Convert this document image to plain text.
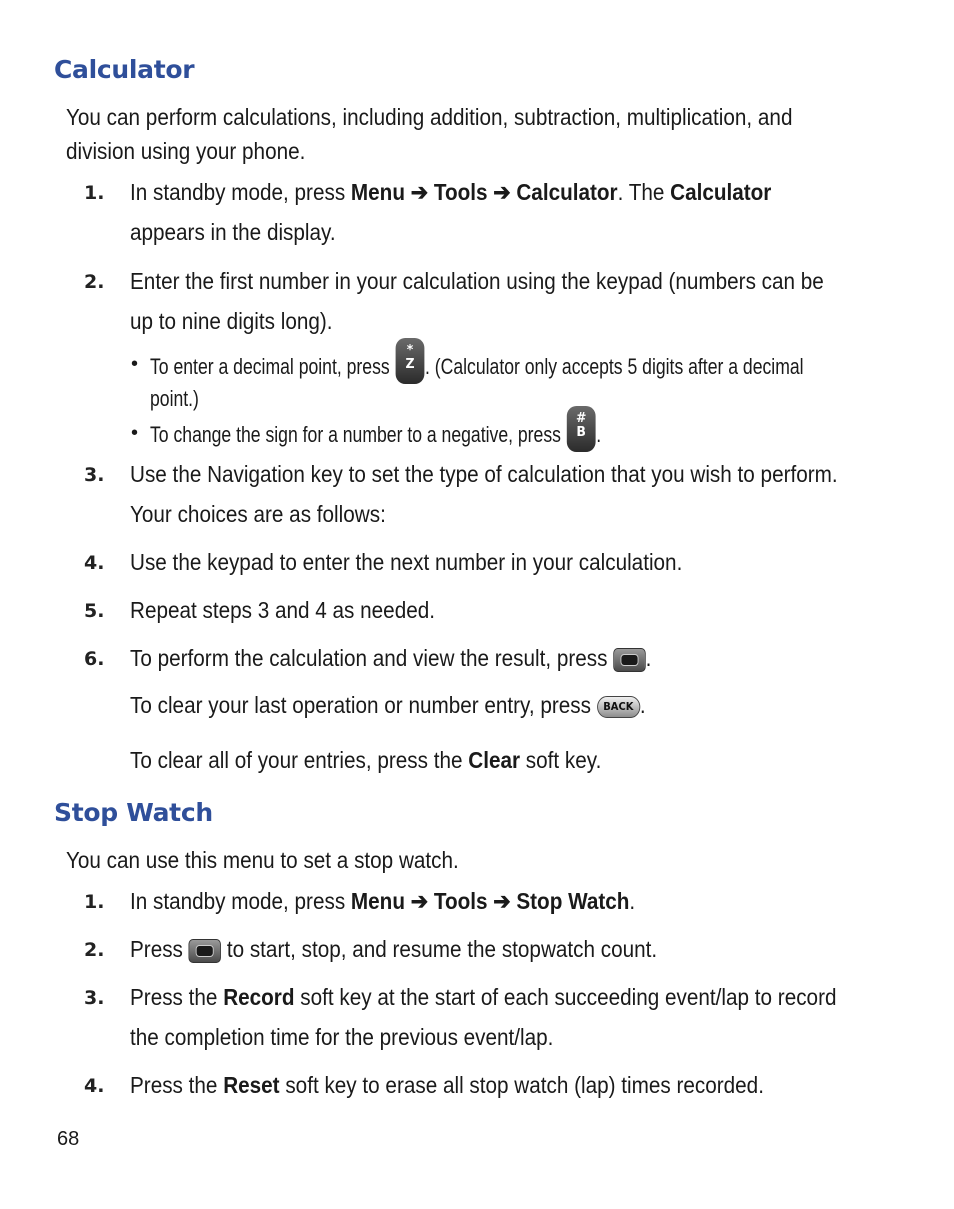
Calculator

You can perform calculations, including addition, subtraction, multiplication, and
division using your phone.

1. In standby mode, press Menu ➔ Tools ➔ Calculator. The Calculator
appears in the display.
2. Enter the first number in your calculation using the keypad (numbers can be
up to nine digits long).
• To enter a decimal point, press *
Z . (Calculator only accepts 5 digits after a decimal
point.)
• To change the sign for a number to a negative, press #
B .
3. Use the Navigation key to set the type of calculation that you wish to perform.
Your choices are as follows:
4. Use the keypad to enter the next number in your calculation.
5. Repeat steps 3 and 4 as needed.
6. To perform the calculation and view the result, press .
To clear your last operation or number entry, press BACK .
To clear all of your entries, press the Clear soft key.
Stop Watch

You can use this menu to set a stop watch.

1. In standby mode, press Menu ➔ Tools ➔ Stop Watch.
2. Press to start, stop, and resume the stopwatch count.
3. Press the Record soft key at the start of each succeeding event/lap to record
the completion time for the previous event/lap.
4. Press the Reset soft key to erase all stop watch (lap) times recorded.
68
